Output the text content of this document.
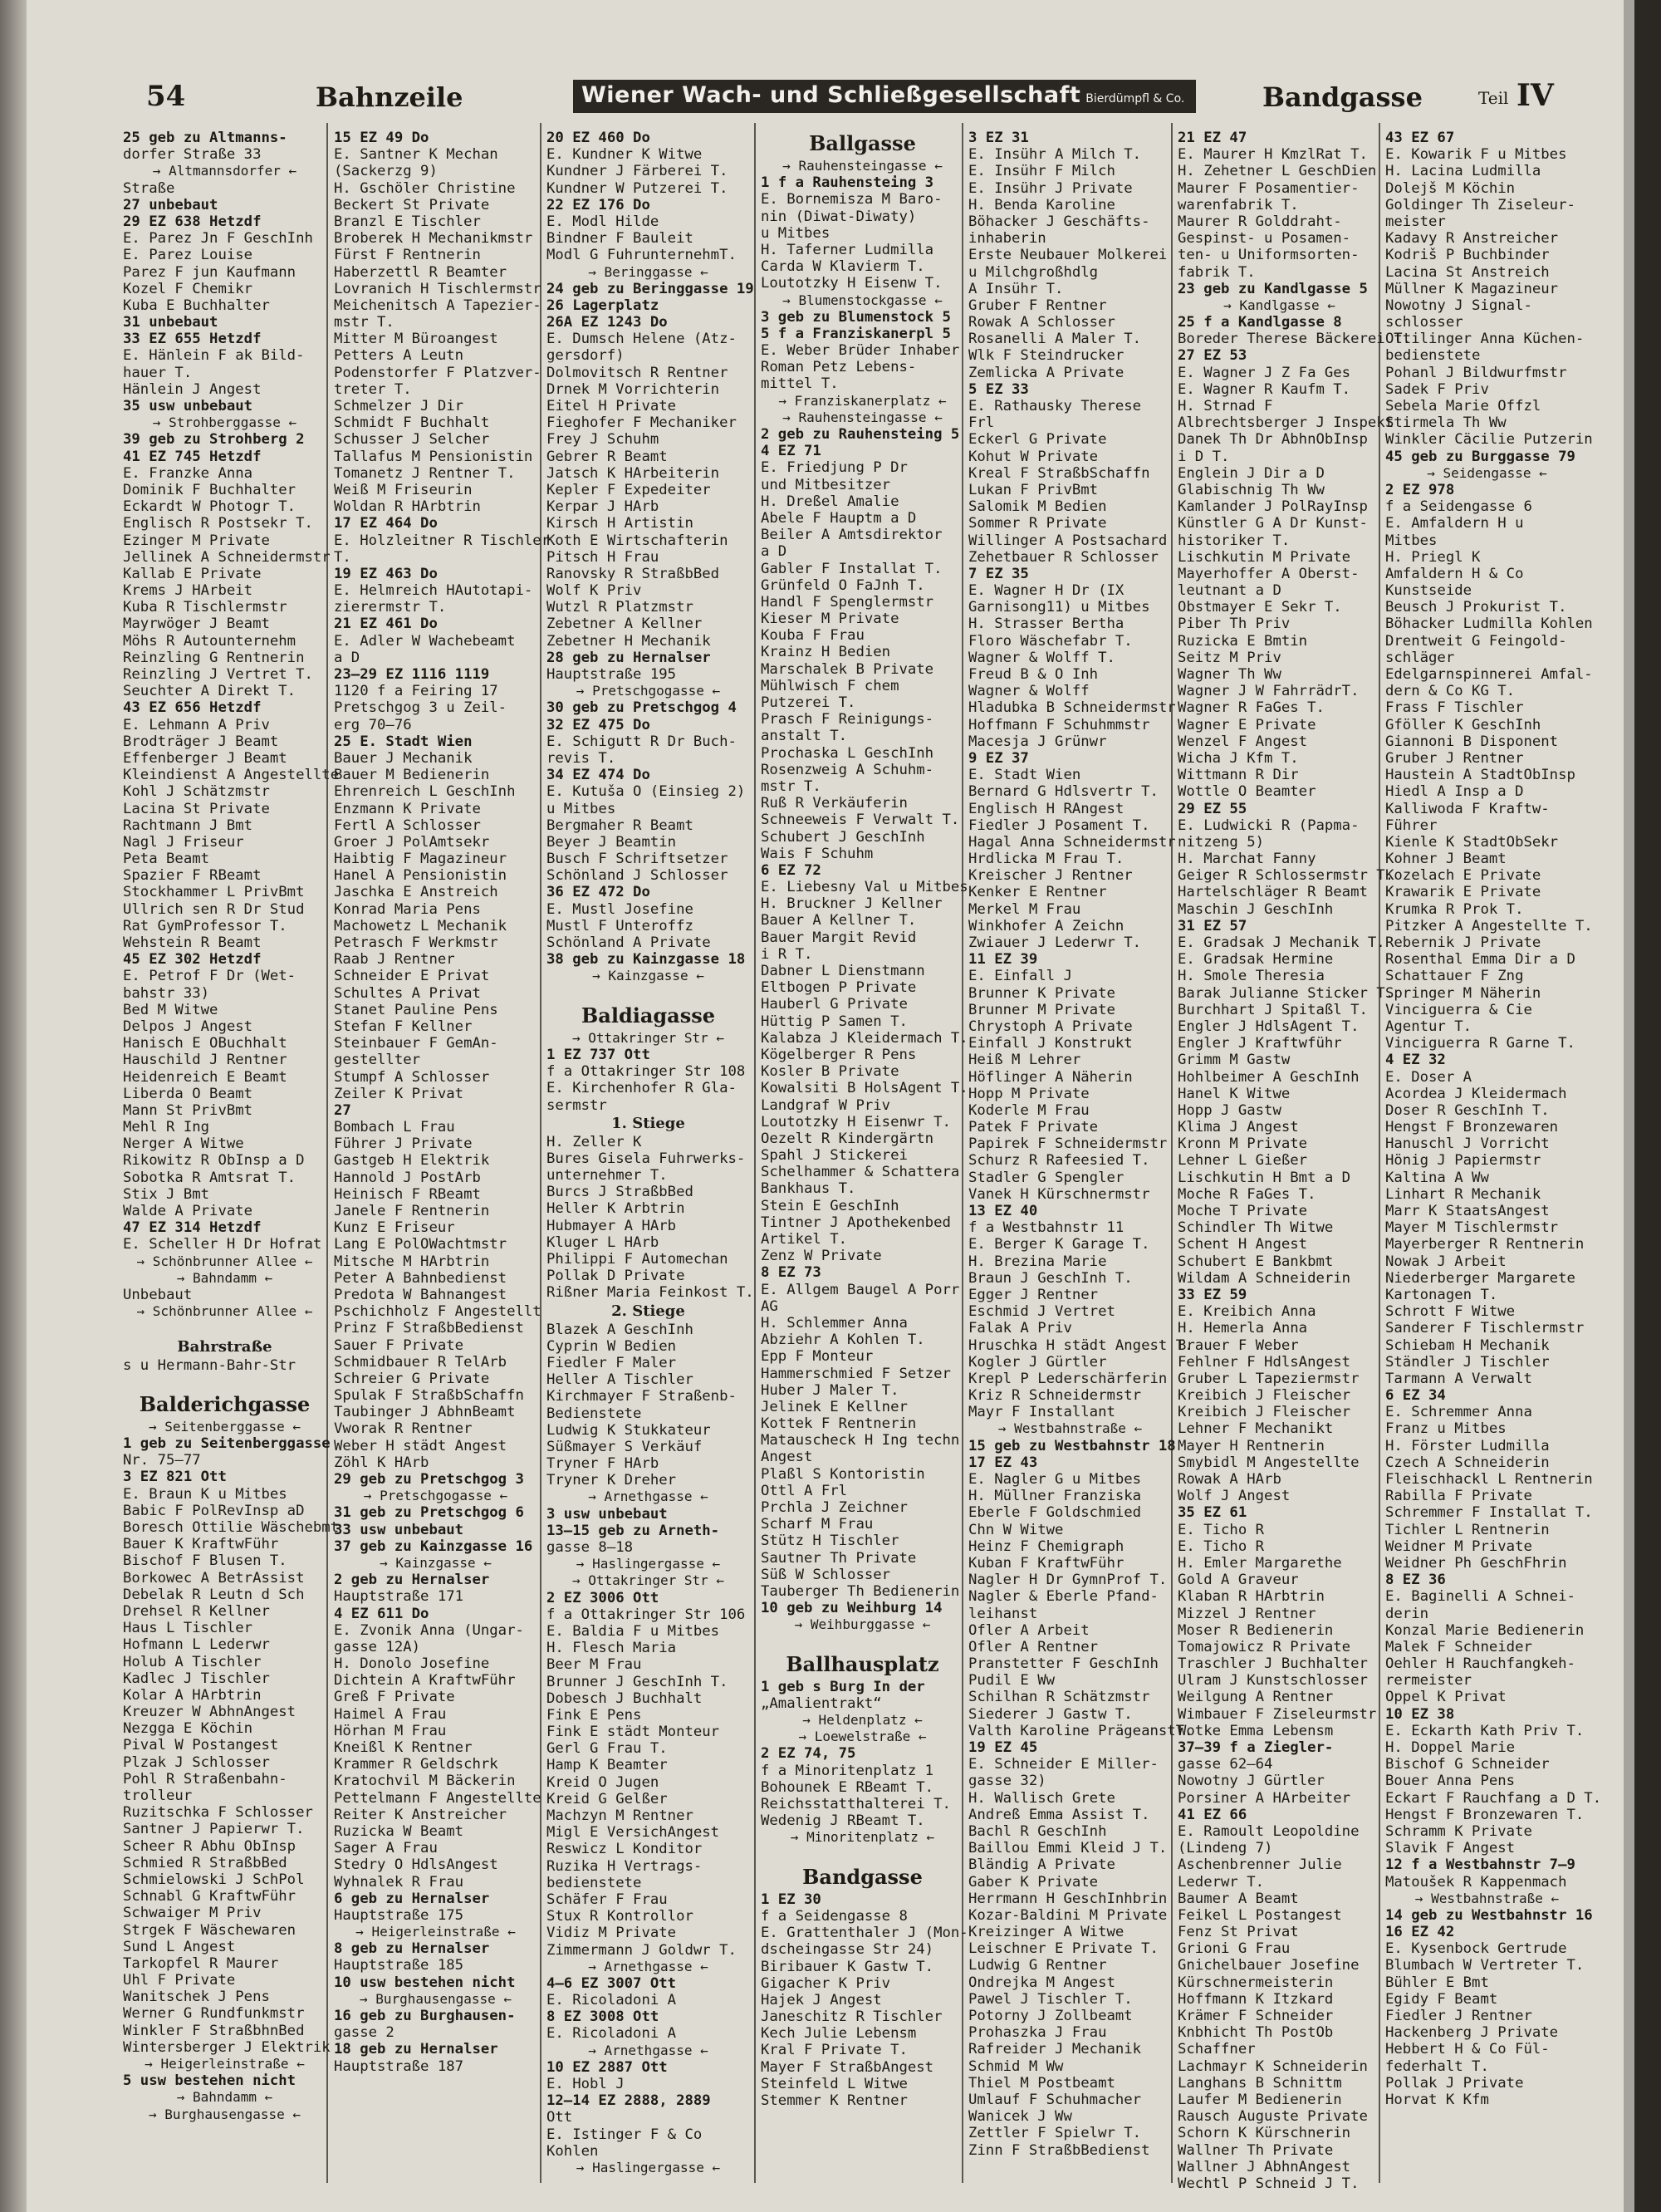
54	Bahnzeile	Wiener Wach- und Schließgesellschaft Bierdümpfl & Co.	Bandgasse	Teil IV
25 geb zu Altmanns-
dorfer Straße 33
→ Altmannsdorfer ←
Straße
27 unbebaut
29 EZ 638 Hetzdf
E. Parez Jn F GeschInh
E. Parez Louise
Parez F jun Kaufmann
Kozel F Chemikr
Kuba E Buchhalter
31 unbebaut
33 EZ 655 Hetzdf
E. Hänlein F ak Bild-
hauer T.
Hänlein J Angest
35 usw unbebaut
→ Strohberggasse ←
39 geb zu Strohberg 2
41 EZ 745 Hetzdf
E. Franzke Anna
Dominik F Buchhalter
Eckardt W Photogr T.
Englisch R Postsekr T.
Ezinger M Private
Jellinek A Schneidermstr
Kallab E Private
Krems J HArbeit
Kuba R Tischlermstr
Mayrwöger J Beamt
Möhs R Autounternehm
Reinzling G Rentnerin
Reinzling J Vertret T.
Seuchter A Direkt T.
43 EZ 656 Hetzdf
E. Lehmann A Priv
Brodträger J Beamt
Effenberger J Beamt
Kleindienst A Angestellte
Kohl J Schätzmstr
Lacina St Private
Rachtmann J Bmt
Nagl J Friseur
Peta Beamt
Spazier F RBeamt
Stockhammer L PrivBmt
Ullrich sen R Dr Stud
Rat GymProfessor T.
Wehstein R Beamt
45 EZ 302 Hetzdf
E. Petrof F Dr (Wet-
bahstr 33)
Bed M Witwe
Delpos J Angest
Hanisch E OBuchhalt
Hauschild J Rentner
Heidenreich E Beamt
Liberda O Beamt
Mann St PrivBmt
Mehl R Ing
Nerger A Witwe
Rikowitz R ObInsp a D
Sobotka R Amtsrat T.
Stix J Bmt
Walde A Private
47 EZ 314 Hetzdf
E. Scheller H Dr Hofrat
→ Schönbrunner Allee ←
→ Bahndamm ←
Unbebaut
→ Schönbrunner Allee ←
Bahrstraße
s u Hermann-Bahr-Str
Balderichgasse
→ Seitenberggasse ←
1 geb zu Seitenberggasse
Nr. 75—77
3 EZ 821 Ott
E. Braun K u Mitbes
Babic F PolRevInsp aD
Boresch Ottilie Wäschebmt
Bauer K KraftwFühr
Bischof F Blusen T.
Borkowec A BetrAssist
Debelak R Leutn d Sch
Drehsel R Kellner
Haus L Tischler
Hofmann L Lederwr
Holub A Tischler
Kadlec J Tischler
Kolar A HArbtrin
Kreuzer W AbhnAngest
Nezgga E Köchin
Pival W Postangest
Plzak J Schlosser
Pohl R Straßenbahn-
trolleur
Ruzitschka F Schlosser
Santner J Papierwr T.
Scheer R Abhu ObInsp
Schmied R StraßbBed
Schmielowski J SchPol
Schnabl G KraftwFühr
Schwaiger M Priv
Strgek F Wäschewaren
Sund L Angest
Tarkopfel R Maurer
Uhl F Private
Wanitschek J Pens
Werner G Rundfunkmstr
Winkler F StraßbhnBed
Wintersberger J Elektrik
→ Heigerleinstraße ←
5 usw bestehen nicht
→ Bahndamm ←
→ Burghausengasse ←
15 EZ 49 Do
E. Santner K Mechan
(Sackerzg 9)
H. Gschöler Christine
Beckert St Private
Branzl E Tischler
Broberek H Mechanikmstr
Fürst F Rentnerin
Haberzettl R Beamter
Lovranich H Tischlermstr
Meichenitsch A Tapezier-
mstr T.
Mitter M Büroangest
Petters A Leutn
Podenstorfer F Platzver-
treter T.
Schmelzer J Dir
Schmidt F Buchhalt
Schusser J Selcher
Tallafus M Pensionistin
Tomanetz J Rentner T.
Weiß M Friseurin
Woldan R HArbtrin
17 EZ 464 Do
E. Holzleitner R Tischler
T.
19 EZ 463 Do
E. Helmreich HAutotapi-
zierermstr T.
21 EZ 461 Do
E. Adler W Wachebeamt
a D
23—29 EZ 1116 1119
1120 f a Feiring 17
Pretschgog 3 u Zeil-
erg 70—76
25 E. Stadt Wien
Bauer J Mechanik
Bauer M Bedienerin
Ehrenreich L GeschInh
Enzmann K Private
Fertl A Schlosser
Groer J PolAmtsekr
Haibtig F Magazineur
Hanel A Pensionistin
Jaschka E Anstreich
Konrad Maria Pens
Machowetz L Mechanik
Petrasch F Werkmstr
Raab J Rentner
Schneider E Privat
Schultes A Privat
Stanet Pauline Pens
Stefan F Kellner
Steinbauer F GemAn-
gestellter
Stumpf A Schlosser
Zeiler K Privat
27
Bombach L Frau
Führer J Private
Gastgeb H Elektrik
Hannold J PostArb
Heinisch F RBeamt
Janele F Rentnerin
Kunz E Friseur
Lang E PolOWachtmstr
Mitsche M HArbtrin
Peter A Bahnbedienst
Predota W Bahnangest
Pschichholz F Angestellt
Prinz F StraßbBedienst
Sauer F Private
Schmidbauer R TelArb
Schreier G Private
Spulak F StraßbSchaffn
Taubinger J AbhnBeamt
Vworak R Rentner
Weber H städt Angest
Zöhl K HArb
29 geb zu Pretschgog 3
→ Pretschgogasse ←
31 geb zu Pretschgog 6
33 usw unbebaut
37 geb zu Kainzgasse 16
→ Kainzgasse ←
2 geb zu Hernalser
Hauptstraße 171
4 EZ 611 Do
E. Zvonik Anna (Ungar-
gasse 12A)
H. Donolo Josefine
Dichtein A KraftwFühr
Greß F Private
Haimel A Frau
Hörhan M Frau
Kneißl K Rentner
Krammer R Geldschrk
Kratochvil M Bäckerin
Pettelmann F Angestellte
Reiter K Anstreicher
Ruzicka W Beamt
Sager A Frau
Stedry O HdlsAngest
Wyhnalek R Frau
6 geb zu Hernalser
Hauptstraße 175
→ Heigerleinstraße ←
8 geb zu Hernalser
Hauptstraße 185
10 usw bestehen nicht
→ Burghausengasse ←
16 geb zu Burghausen-
gasse 2
18 geb zu Hernalser
Hauptstraße 187
20 EZ 460 Do
E. Kundner K Witwe
Kundner J Färberei T.
Kundner W Putzerei T.
22 EZ 176 Do
E. Modl Hilde
Bindner F Bauleit
Modl G FuhrunternehmT.
→ Beringgasse ←
24 geb zu Beringgasse 19
26 Lagerplatz
26A EZ 1243 Do
E. Dumsch Helene (Atz-
gersdorf)
Dolmovitsch R Rentner
Drnek M Vorrichterin
Eitel H Private
Fieghofer F Mechaniker
Frey J Schuhm
Gebrer R Beamt
Jatsch K HArbeiterin
Kepler F Expedeiter
Kerpar J HArb
Kirsch H Artistin
Koth E Wirtschafterin
Pitsch H Frau
Ranovsky R StraßbBed
Wolf K Priv
Wutzl R Platzmstr
Zebetner A Kellner
Zebetner H Mechanik
28 geb zu Hernalser
Hauptstraße 195
→ Pretschgogasse ←
30 geb zu Pretschgog 4
32 EZ 475 Do
E. Schigutt R Dr Buch-
revis T.
34 EZ 474 Do
E. Kutuša O (Einsieg 2)
u Mitbes
Bergmaher R Beamt
Beyer J Beamtin
Busch F Schriftsetzer
Schönland J Schlosser
36 EZ 472 Do
E. Mustl Josefine
Mustl F Unteroffz
Schönland A Private
38 geb zu Kainzgasse 18
→ Kainzgasse ←
Baldiagasse
→ Ottakringer Str ←
1 EZ 737 Ott
f a Ottakringer Str 108
E. Kirchenhofer R Gla-
sermstr
1. Stiege
H. Zeller K
Bures Gisela Fuhrwerks-
unternehmer T.
Burcs J StraßbBed
Heller K Arbtrin
Hubmayer A HArb
Kluger L HArb
Philippi F Automechan
Pollak D Private
Rißner Maria Feinkost T.
2. Stiege
Blazek A GeschInh
Cyprin W Bedien
Fiedler F Maler
Heller A Tischler
Kirchmayer F Straßenb-
Bedienstete
Ludwig K Stukkateur
Süßmayer S Verkäuf
Tryner F HArb
Tryner K Dreher
→ Arnethgasse ←
3 usw unbebaut
13—15 geb zu Arneth-
gasse 8—18
→ Haslingergasse ←
→ Ottakringer Str ←
2 EZ 3006 Ott
f a Ottakringer Str 106
E. Baldia F u Mitbes
H. Flesch Maria
Beer M Frau
Brunner J GeschInh T.
Dobesch J Buchhalt
Fink E Pens
Fink E städt Monteur
Gerl G Frau T.
Hamp K Beamter
Kreid O Jugen
Kreid G Gelßer
Machzyn M Rentner
Migl E VersichAngest
Reswicz L Konditor
Ruzika H Vertrags-
bedienstete
Schäfer F Frau
Stux R Kontrollor
Vidiz M Private
Zimmermann J Goldwr T.
→ Arnethgasse ←
4—6 EZ 3007 Ott
E. Ricoladoni A
8 EZ 3008 Ott
E. Ricoladoni A
→ Arnethgasse ←
10 EZ 2887 Ott
E. Hobl J
12—14 EZ 2888, 2889
Ott
E. Istinger F & Co
Kohlen
→ Haslingergasse ←
Ballgasse
→ Rauhensteingasse ←
1 f a Rauhensteing 3
E. Bornemisza M Baro-
nin (Diwat-Diwaty)
u Mitbes
H. Taferner Ludmilla
Carda W Klavierm T.
Loutotzky H Eisenw T.
→ Blumenstockgasse ←
3 geb zu Blumenstock 5
5 f a Franziskanerpl 5
E. Weber Brüder Inhaber
Roman Petz Lebens-
mittel T.
→ Franziskanerplatz ←
→ Rauhensteingasse ←
2 geb zu Rauhensteing 5
4 EZ 71
E. Friedjung P Dr
und Mitbesitzer
H. Dreßel Amalie
Abele F Hauptm a D
Beiler A Amtsdirektor
a D
Gabler F Installat T.
Grünfeld O FaJnh T.
Handl F Spenglermstr
Kieser M Private
Kouba F Frau
Krainz H Bedien
Marschalek B Private
Mühlwisch F chem
Putzerei T.
Prasch F Reinigungs-
anstalt T.
Prochaska L GeschInh
Rosenzweig A Schuhm-
mstr T.
Ruß R Verkäuferin
Schneeweis F Verwalt T.
Schubert J GeschInh
Wais F Schuhm
6 EZ 72
E. Liebesny Val u Mitbes
H. Bruckner J Kellner
Bauer A Kellner T.
Bauer Margit Revid
i R T.
Dabner L Dienstmann
Eltbogen P Private
Hauberl G Private
Hüttig P Samen T.
Kalabza J Kleidermach T.
Kögelberger R Pens
Kosler B Private
Kowalsiti B HolsAgent T.
Landgraf W Priv
Loutotzky H Eisenwr T.
Oezelt R Kindergärtn
Spahl J Stickerei
Schelhammer & Schattera
Bankhaus T.
Stein E GeschInh
Tintner J Apothekenbed
Artikel T.
Zenz W Private
8 EZ 73
E. Allgem Baugel A Porr
AG
H. Schlemmer Anna
Abziehr A Kohlen T.
Epp F Monteur
Hammerschmied F Setzer
Huber J Maler T.
Jelinek E Kellner
Kottek F Rentnerin
Matauscheck H Ing techn
Angest
Plaßl S Kontoristin
Ottl A Frl
Prchla J Zeichner
Scharf M Frau
Stütz H Tischler
Sautner Th Private
Süß W Schlosser
Tauberger Th Bedienerin
10 geb zu Weihburg 14
→ Weihburggasse ←
Ballhausplatz
1 geb s Burg In der
„Amalientrakt“
→ Heldenplatz ←
→ Loewelstraße ←
2 EZ 74, 75
f a Minoritenplatz 1
Bohounek E RBeamt T.
Reichsstatthalterei T.
Wedenig J RBeamt T.
→ Minoritenplatz ←
Bandgasse
1 EZ 30
f a Seidengasse 8
E. Grattenthaler J (Mon-
dscheingasse Str 24)
Biribauer K Gastw T.
Gigacher K Priv
Hajek J Angest
Janeschitz R Tischler
Kech Julie Lebensm
Kral F Private T.
Mayer F StraßbAngest
Steinfeld L Witwe
Stemmer K Rentner
3 EZ 31
E. Insühr A Milch T.
E. Insühr F Milch
E. Insühr J Private
H. Benda Karoline
Böhacker J Geschäfts-
inhaberin
Erste Neubauer Molkerei
u Milchgroßhdlg
A Insühr T.
Gruber F Rentner
Rowak A Schlosser
Rosanelli A Maler T.
Wlk F Steindrucker
Zemlicka A Private
5 EZ 33
E. Rathausky Therese
Frl
Eckerl G Private
Kohut W Private
Kreal F StraßbSchaffn
Lukan F PrivBmt
Salomik M Bedien
Sommer R Private
Willinger A Postsachard
Zehetbauer R Schlosser
7 EZ 35
E. Wagner H Dr (IX
Garnisong11) u Mitbes
H. Strasser Bertha
Floro Wäschefabr T.
Wagner & Wolff T.
Freud B & O Inh
Wagner & Wolff
Hladubka B Schneidermstr
Hoffmann F Schuhmmstr
Macesja J Grünwr
9 EZ 37
E. Stadt Wien
Bernard G Hdlsvertr T.
Englisch H RAngest
Fiedler J Posament T.
Hagal Anna Schneidermstr
Hrdlicka M Frau T.
Kreischer J Rentner
Kenker E Rentner
Merkel M Frau
Winkhofer A Zeichn
Zwiauer J Lederwr T.
11 EZ 39
E. Einfall J
Brunner K Private
Brunner M Private
Chrystoph A Private
Einfall J Konstrukt
Heiß M Lehrer
Höflinger A Näherin
Hopp M Private
Koderle M Frau
Patek F Private
Papirek F Schneidermstr
Schurz R Rafeesied T.
Stadler G Spengler
Vanek H Kürschnermstr
13 EZ 40
f a Westbahnstr 11
E. Berger K Garage T.
H. Brezina Marie
Braun J GeschInh T.
Egger J Rentner
Eschmid J Vertret
Falak A Priv
Hruschka H städt Angest T.
Kogler J Gürtler
Krepl P Lederschärferin
Kriz R Schneidermstr
Mayr F Installant
→ Westbahnstraße ←
15 geb zu Westbahnstr 18
17 EZ 43
E. Nagler G u Mitbes
H. Müllner Franziska
Eberle F Goldschmied
Chn W Witwe
Heinz F Chemigraph
Kuban F KraftwFühr
Nagler H Dr GymnProf T.
Nagler & Eberle Pfand-
leihanst
Ofler A Arbeit
Ofler A Rentner
Pranstetter F GeschInh
Pudil E Ww
Schilhan R Schätzmstr
Siederer J Gastw T.
Valth Karoline PrägeanstT.
19 EZ 45
E. Schneider E Miller-
gasse 32)
H. Wallisch Grete
Andreß Emma Assist T.
Bachl R GeschInh
Baillou Emmi Kleid J T.
Bländig A Private
Gaber K Private
Herrmann H GeschInhbrin
Kozar-Baldini M Private
Kreizinger A Witwe
Leischner E Private T.
Ludwig G Rentner
Ondrejka M Angest
Pawel J Tischler T.
Potorny J Zollbeamt
Prohaszka J Frau
Rafreider J Mechanik
Schmid M Ww
Thiel M Postbeamt
Umlauf F Schuhmacher
Wanicek J Ww
Zettler F Spielwr T.
Zinn F StraßbBedienst
21 EZ 47
E. Maurer H KmzlRat T.
H. Zehetner L GeschDien
Maurer F Posamentier-
warenfabrik T.
Maurer R Golddraht-
Gespinst- u Posamen-
ten- u Uniformsorten-
fabrik T.
23 geb zu Kandlgasse 5
→ Kandlgasse ←
25 f a Kandlgasse 8
Boreder Therese Bäckerei T.
27 EZ 53
E. Wagner J Z Fa Ges
E. Wagner R Kaufm T.
H. Strnad F
Albrechtsberger J Inspekt
Danek Th Dr AbhnObInsp
i D T.
Englein J Dir a D
Glabischnig Th Ww
Kamlander J PolRayInsp
Künstler G A Dr Kunst-
historiker T.
Lischkutin M Private
Mayerhoffer A Oberst-
leutnant a D
Obstmayer E Sekr T.
Piber Th Priv
Ruzicka E Bmtin
Seitz M Priv
Wagner Th Ww
Wagner J W FahrrädrT.
Wagner R FaGes T.
Wagner E Private
Wenzel F Angest
Wicha J Kfm T.
Wittmann R Dir
Wottle O Beamter
29 EZ 55
E. Ludwicki R (Papma-
nitzeng 5)
H. Marchat Fanny
Geiger R Schlossermstr T.
Hartelschläger R Beamt
Maschin J GeschInh
31 EZ 57
E. Gradsak J Mechanik T.
E. Gradsak Hermine
H. Smole Theresia
Barak Julianne Sticker T.
Burchhart J Spitaßl T.
Engler J HdlsAgent T.
Engler J Kraftwführ
Grimm M Gastw
Hohlbeimer A GeschInh
Hanel K Witwe
Hopp J Gastw
Klima J Angest
Kronn M Private
Lehner L Gießer
Lischkutin H Bmt a D
Moche R FaGes T.
Moche T Private
Schindler Th Witwe
Schent H Angest
Schubert E Bankbmt
Wildam A Schneiderin
33 EZ 59
E. Kreibich Anna
H. Hemerla Anna
Brauer F Weber
Fehlner F HdlsAngest
Gruber L Tapeziermstr
Kreibich J Fleischer
Kreibich J Fleischer
Lehner F Mechanikt
Mayer H Rentnerin
Smybidl M Angestellte
Rowak A HArb
Wolf J Angest
35 EZ 61
E. Ticho R
E. Ticho R
H. Emler Margarethe
Gold A Graveur
Klaban R HArbtrin
Mizzel J Rentner
Moser R Bedienerin
Tomajowicz R Private
Traschler J Buchhalter
Ulram J Kunstschlosser
Weilgung A Rentner
Wimbauer F Ziseleurmstr
Wotke Emma Lebensm
37—39 f a Ziegler-
gasse 62—64
Nowotny J Gürtler
Porsiner A HArbeiter
41 EZ 66
E. Ramoult Leopoldine
(Lindeng 7)
Aschenbrenner Julie
Lederwr T.
Baumer A Beamt
Feikel L Postangest
Fenz St Privat
Grioni G Frau
Gnichelbauer Josefine
Kürschnermeisterin
Hoffmann K Itzkard
Krämer F Schneider
Knbhicht Th PostOb
Schaffner
Lachmayr K Schneiderin
Langhans B Schnittm
Laufer M Bedienerin
Rausch Auguste Private
Schorn K Kürschnerin
Wallner Th Private
Wallner J AbhnAngest
Wechtl P Schneid J T.
43 EZ 67
E. Kowarik F u Mitbes
H. Lacina Ludmilla
Dolejš M Köchin
Goldinger Th Ziseleur-
meister
Kadavy R Anstreicher
Kodriš P Buchbinder
Lacina St Anstreich
Müllner K Magazineur
Nowotny J Signal-
schlosser
Ottilinger Anna Küchen-
bedienstete
Pohanl J Bildwurfmstr
Sadek F Priv
Sebela Marie Offzl
Stirmela Th Ww
Winkler Cäcilie Putzerin
45 geb zu Burggasse 79
→ Seidengasse ←
2 EZ 978
f a Seidengasse 6
E. Amfaldern H u
Mitbes
H. Priegl K
Amfaldern H & Co
Kunstseide
Beusch J Prokurist T.
Böhacker Ludmilla Kohlen
Drentweit G Feingold-
schläger
Edelgarnspinnerei Amfal-
dern & Co KG T.
Frass F Tischler
Gföller K GeschInh
Giannoni B Disponent
Gruber J Rentner
Haustein A StadtObInsp
Hiedl A Insp a D
Kalliwoda F Kraftw-
Führer
Kienle K StadtObSekr
Kohner J Beamt
Kozelach E Private
Krawarik E Private
Krumka R Prok T.
Pitzker A Angestellte T.
Rebernik J Private
Rosenthal Emma Dir a D
Schattauer F Zng
Springer M Näherin
Vinciguerra & Cie
Agentur T.
Vinciguerra R Garne T.
4 EZ 32
E. Doser A
Acordea J Kleidermach
Doser R GeschInh T.
Hengst F Bronzewaren
Hanuschl J Vorricht
Hönig J Papiermstr
Kaltina A Ww
Linhart R Mechanik
Marr K StaatsAngest
Mayer M Tischlermstr
Mayerberger R Rentnerin
Nowak J Arbeit
Niederberger Margarete
Kartonagen T.
Schrott F Witwe
Sanderer F Tischlermstr
Schiebam H Mechanik
Ständler J Tischler
Tarmann A Verwalt
6 EZ 34
E. Schremmer Anna
Franz u Mitbes
H. Förster Ludmilla
Czech A Schneiderin
Fleischhackl L Rentnerin
Rabilla F Private
Schremmer F Installat T.
Tichler L Rentnerin
Weidner M Private
Weidner Ph GeschFhrin
8 EZ 36
E. Baginelli A Schnei-
derin
Konzal Marie Bedienerin
Malek F Schneider
Oehler H Rauchfangkeh-
rermeister
Oppel K Privat
10 EZ 38
E. Eckarth Kath Priv T.
H. Doppel Marie
Bischof G Schneider
Bouer Anna Pens
Eckart F Rauchfang a D T.
Hengst F Bronzewaren T.
Schramm K Private
Slavik F Angest
12 f a Westbahnstr 7—9
Matoušek R Kappenmach
→ Westbahnstraße ←
14 geb zu Westbahnstr 16
16 EZ 42
E. Kysenbock Gertrude
Blumbach W Vertreter T.
Bühler E Bmt
Egidy F Beamt
Fiedler J Rentner
Hackenberg J Private
Hebbert H & Co Fül-
federhalt T.
Pollak J Private
Horvat K Kfm
